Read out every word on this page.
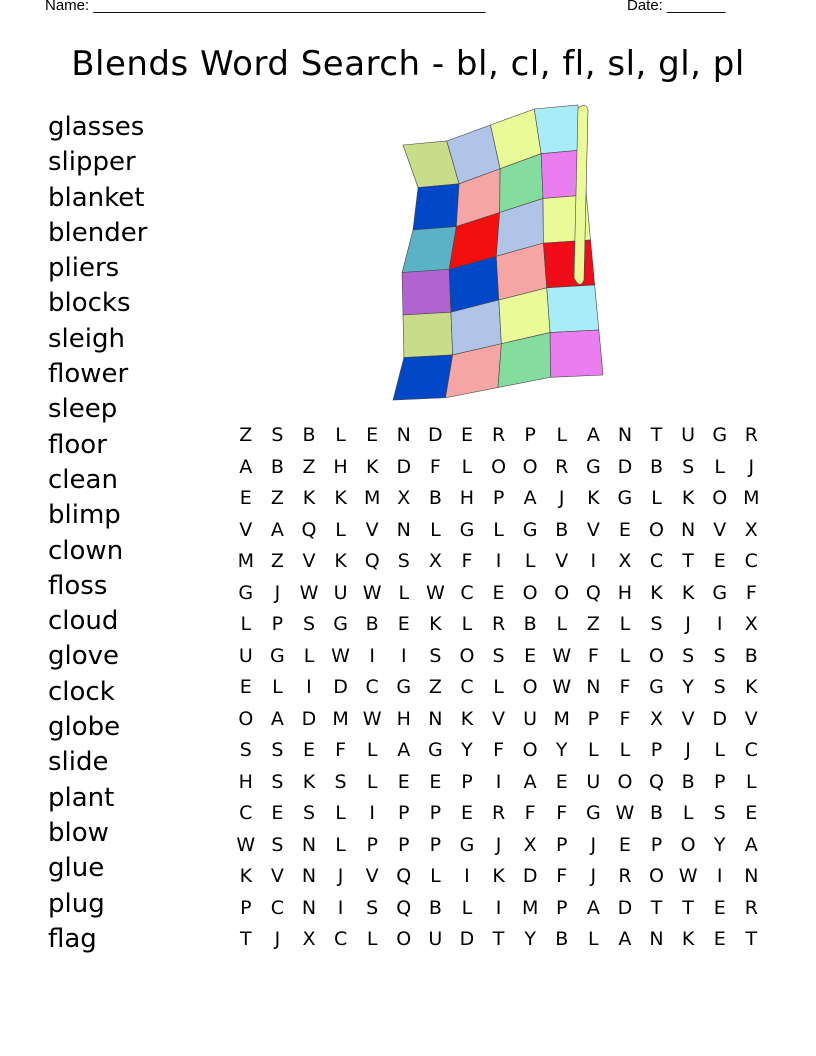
Name: _______________________________________________	Date: _______
Blends Word Search - bl, cl, fl, sl, gl, pl
glasses
slipper
blanket
blender
pliers
blocks
sleigh
flower
sleep
floor
clean
blimp
clown
floss
cloud
glove
clock
globe
slide
plant
blow
glue
plug
flag
Z	S	B	L	E N D E R	P	L	A N T U G R
A B Z H K D F	L O O R G D B	S	L	J
E	Z K	K M X B H P	A	J	K G L	K O M
V A Q L	V N	L G L G B V	E O N V X
M Z V K Q S	X	F	I	L	V	I	X C	T	E C
G	J	W U W L W C E O O Q H K	K G F
L	P	S G B	E	K	L	R B	L	Z	L	S	J	I	X
U G L W	I	I	S O S	E W F	L O S	S	B
E	L	I	D C G Z C	L O W N	F G Y	S	K
O A D M W H N K V U M P	F	X V D V
S	S	E	F	L	A G Y	F O Y	L	L	P	J	L	C
H S	K	S	L	E	E	P	I	A	E U O Q B	P	L
C E	S	L	I	P	P	E R	F	F G W B	L	S	E
W S N	L	P	P	P G	J	X	P	J	E	P O Y	A
K V N	J	V Q L	I	K D F	J	R O W	I	N
P	C N	I	S Q B	L	I	M P	A D T	T	E R
T	J	X C	L O U D T	Y	B	L	A N K	E	T
